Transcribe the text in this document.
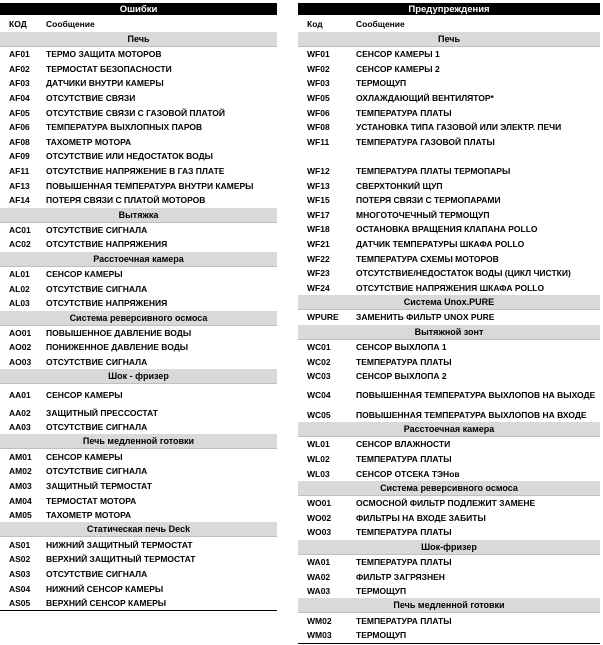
Ошибки	
КОД	Сообщение
Печь	
AF01	ТЕРМО ЗАЩИТА МОТОРОВ
AF02	ТЕРМОСТАТ БЕЗОПАСНОСТИ
AF03	ДАТЧИКИ ВНУТРИ КАМЕРЫ
AF04	ОТСУТСТВИЕ СВЯЗИ
AF05	ОТСУТСТВИЕ СВЯЗИ С ГАЗОВОЙ ПЛАТОЙ
AF06	ТЕМПЕРАТУРА ВЫХЛОПНЫХ ПАРОВ
AF08	ТАХОМЕТР МОТОРА
AF09	ОТСУТСТВИЕ ИЛИ НЕДОСТАТОК ВОДЫ
AF11	ОТСУТСТВИЕ НАПРЯЖЕНИЕ В ГАЗ ПЛАТЕ
AF13	ПОВЫШЕННАЯ ТЕМПЕРАТУРА ВНУТРИ КАМЕРЫ
AF14	ПОТЕРЯ СВЯЗИ С ПЛАТОЙ МОТОРОВ
Вытяжка	
AC01	ОТСУТСТВИЕ СИГНАЛА
AC02	ОТСУТСТВИЕ НАПРЯЖЕНИЯ
Расстоечная камера	
AL01	СЕНСОР КАМЕРЫ
AL02	ОТСУТСТВИЕ СИГНАЛА
AL03	ОТСУТСТВИЕ НАПРЯЖЕНИЯ
Система реверсивного осмоса	
AO01	ПОВЫШЕННОЕ ДАВЛЕНИЕ ВОДЫ
AO02	ПОНИЖЕННОЕ ДАВЛЕНИЕ ВОДЫ
AO03	ОТСУТСТВИЕ СИГНАЛА
Шок - фризер	
AA01	СЕНСОР КАМЕРЫ
AA02	ЗАЩИТНЫЙ ПРЕССОСТАТ
AA03	ОТСУТСТВИЕ СИГНАЛА
Печь медленной готовки	
AM01	СЕНСОР КАМЕРЫ
AM02	ОТСУТСТВИЕ СИГНАЛА
AM03	ЗАЩИТНЫЙ ТЕРМОСТАТ
AM04	ТЕРМОСТАТ МОТОРА
AM05	ТАХОМЕТР МОТОРА
Статическая печь Deck	
AS01	НИЖНИЙ ЗАЩИТНЫЙ ТЕРМОСТАТ
AS02	ВЕРХНИЙ ЗАЩИТНЫЙ ТЕРМОСТАТ
AS03	ОТСУТСТВИЕ СИГНАЛА
AS04	НИЖНИЙ СЕНСОР КАМЕРЫ
AS05	ВЕРХНИЙ СЕНСОР КАМЕРЫ
Предупреждения	
Код	Сообщение
Печь	
WF01	СЕНСОР КАМЕРЫ 1
WF02	СЕНСОР КАМЕРЫ 2
WF03	ТЕРМОЩУП
WF05	ОХЛАЖДАЮЩИЙ ВЕНТИЛЯТОР*
WF06	ТЕМПЕРАТУРА ПЛАТЫ
WF08	УСТАНОВКА ТИПА ГАЗОВОЙ ИЛИ ЭЛЕКТР. ПЕЧИ
WF11	ТЕМПЕРАТУРА ГАЗОВОЙ ПЛАТЫ

WF12	ТЕМПЕРАТУРА ПЛАТЫ ТЕРМОПАРЫ
WF13	СВЕРХТОНКИЙ ЩУП
WF15	ПОТЕРЯ СВЯЗИ С ТЕРМОПАРАМИ
WF17	МНОГОТОЧЕЧНЫЙ ТЕРМОЩУП
WF18	ОСТАНОВКА ВРАЩЕНИЯ КЛАПАНА POLLO
WF21	ДАТЧИК ТЕМПЕРАТУРЫ ШКАФА POLLO
WF22	ТЕМПЕРАТУРА СХЕМЫ МОТОРОВ
WF23	ОТСУТСТВИЕ/НЕДОСТАТОК ВОДЫ (ЦИКЛ ЧИСТКИ)
WF24	ОТСУТСТВИЕ НАПРЯЖЕНИЯ ШКАФА POLLO
Система Unox.PURE	
WPURE	ЗАМЕНИТЬ ФИЛЬТР UNOX PURE
Вытяжной зонт	
WC01	СЕНСОР ВЫХЛОПА 1
WC02	ТЕМПЕРАТУРА ПЛАТЫ
WC03	СЕНСОР ВЫХЛОПА 2
WC04	ПОВЫШЕННАЯ ТЕМПЕРАТУРА ВЫХЛОПОВ НА ВЫХОДЕ
WC05	ПОВЫШЕННАЯ ТЕМПЕРАТУРА ВЫХЛОПОВ НА ВХОДЕ
Расстоечная камера	
WL01	СЕНСОР ВЛАЖНОСТИ
WL02	ТЕМПЕРАТУРА ПЛАТЫ
WL03	СЕНСОР ОТСЕКА ТЭНов
Система реверсивного осмоса	
WO01	ОСМОСНОЙ ФИЛЬТР ПОДЛЕЖИТ ЗАМЕНЕ
WO02	ФИЛЬТРЫ НА ВХОДЕ ЗАБИТЫ
WO03	ТЕМПЕРАТУРА ПЛАТЫ
Шок-фризер	
WA01	ТЕМПЕРАТУРА ПЛАТЫ
WA02	ФИЛЬТР ЗАГРЯЗНЕН
WA03	ТЕРМОЩУП
Печь медленной готовки	
WM02	ТЕМПЕРАТУРА ПЛАТЫ
WM03	ТЕРМОЩУП
